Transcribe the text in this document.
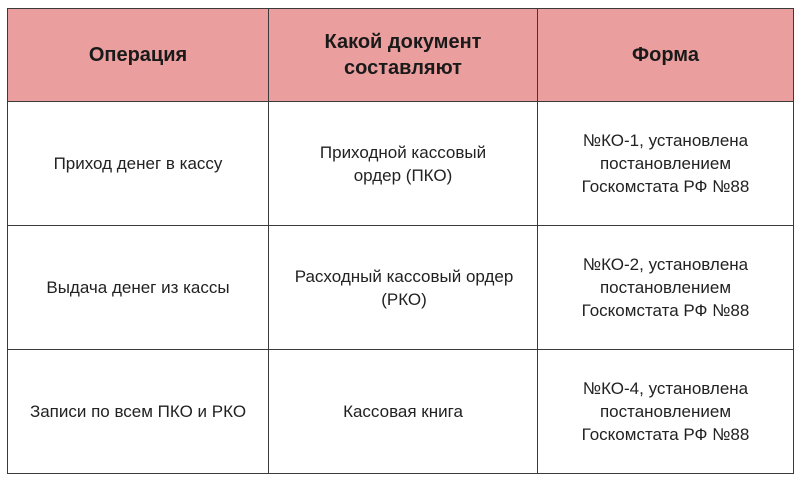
Операция	Какой документ составляют	Форма
Приход денег в кассу	Приходной кассовый ордер (ПКО)	№КО-1, установлена постановлением Госкомстата РФ №88
Выдача денег из кассы	Расходный кассовый ордер (РКО)	№КО-2, установлена постановлением Госкомстата РФ №88
Записи по всем ПКО и РКО	Кассовая книга	№КО-4, установлена постановлением Госкомстата РФ №88
